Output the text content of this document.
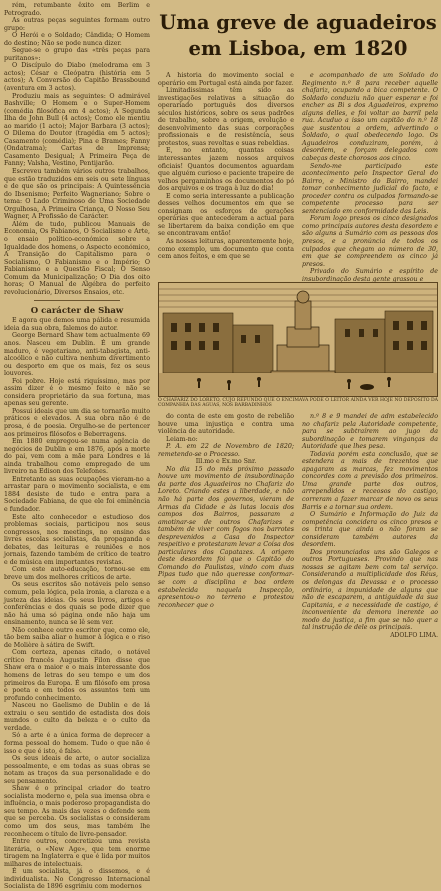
rém, retumbante êxito em Berlim e Petrogrado.

As outras peças seguintes formam outro grupo:

O Herói e o Soldado; Cândida; O Homem do destino; Não se pode nunca dizer.

Segue-se o grupo das «três peças para puritanos»:

O Discípulo do Diabo (melodrama em 3 actos); César e Cleópatra (história em 5 actos); A Conversão do Capitão Brassbound (aventura em 3 actos).

Produziu mais as seguintes: O admirável Bashville; O Homem e o Super-Homem (comédia filosófica em 4 actos); A Segunda Ilha de John Bull (4 actos); Como ele mentiu ao marido (1 acto); Major Barbara (3 actos); O Dilema do Doutor (tragédia em 5 actos); Casamento (comédia); Pina e Brames; Fanny (Ondatrama); Cartas de Imprensa; Casamento Desigual; A Primeira Peça de Fanny; Valsha, Vestino, Pentijarão.

Escreveu também vários outros trabalhos, que estão traduzidos em seis ou sete línguas e de que são os principais: A Quintessência do Ibsenismo; Perfeito Wagneriano; Sobre o tema: O Lado Criminoso de Uma Sociedade Orgulhosa, A Primeira Criança, O Nosso Seu Wagner, A Profissão de Carácter.

Além de tudo, publicou Manuais de Economia, Os Fabianos, O Socialismo e Arte, o ensaio político-económico sobre a Igualdade dos homens, o Aspecto económico, A Transição do Capitalismo para o Socialismo, O Fabianismo e o Império; O Fabianismo e a Questão Fiscal; O Senso Comum da Municipalização; O Dia dos oito horas; O Manual de Algébra do perfeito revolucionário, Diversos Ensaios, etc.

O carácter de Shaw

E agora que demos uma pálida e resumida ideia da sua obra, falemos do autor.

George Bernard Shaw tem actualmente 69 anos. Nasceu em Dublin. É um grande maduro, é vegetariano, anti-tabagista, anti-alcoólico e não cultiva nenhum divertimento ou desporto em que os mais, fez os seus louvores.

Foi pobre. Hoje está riquíssimo, mas por assim dizer é o mesmo feito e não se considera proprietário da sua fortuna, mas apenas seu gerente.

Possui ideais que um dia se tornarão muito práticos e elevados. A sua obra não é de prosa, é de poesia. Orgulho-se de pertencer aos primeiros filósofos e Beberragens.

Em 1880 empregou-se numa agência de negócios de Dublin e em 1876, após a morte do pai, vem com a mãe para Londres e lá ainda trabalhou como empregado de um livreiro na Edison dos Telefones.

Entretanto as suas ocupações vieram-no a arrastar para o movimento socialista, e em 1884 desiste de tudo e entra para a Sociedade Fabiana, de que ele foi eminência e fundador.

Este alto conhecedor e estudioso dos problemas sociais, participou nos seus congressos, nos meetings, no ensino das livres escolas socialistas, da propaganda e debates, das leituras e reuniões e nos jornais, fazendo também de crítico de teatro e de música em importantes revistas.

Com este auto-educação, tornou-se em breve um dos melhores críticos de arte.

Os seus escritos são notáveis pelo senso comum, pela lógica, pela ironia, a clareza e a justeza das ideias. Os seus livros, artigos e conferências e dos quais se pode dizer que não há uma só página onde não haja um ensinamento, nunca se lê sem ver.

Não conhece outro escritor que, como ele, tão bem saiba aliar o humor à lógica e o riso de Molière à sátira de Swift.

Com certeza, apenas citado, o notável crítico francês Augustin Filon disse que Shaw era o maior e o mais interessante dos homens de letras do seu tempo e um dos primeiros da Europa. É um filósofo em prosa e poeta e em todos os assuntos tem um profundo conhecimento.

Nasceu no Gaelismo de Dublin e de lá extraiu o seu sentido de estadista dos dois mundos o culto da beleza e o culto da verdade.

Só a arte é a única forma de deprecer a forma pessoal do homem. Tudo o que não é isso e que é isto, é falso.

Os seus ideais de arte, o autor socializa pessoalmente, e em todas as suas obras se notam as traços da sua personalidade e do seu pensamento.

Shaw é o principal criador do teatro socialista moderno e, pela sua imensa obra e influência, o mais poderoso propagandista do seu tempo. As mais das vezes o defende sem que se perceba. Os socialistas o consideram como um dos seus, mas também lhe reconhecem o título de livre-pensador.

Entre outros, concretizou uma revista literária, o «New Age», que tem enorme tiragem na Inglaterra e que é lida por muitos milhares de intelectuais.

É um socialista, já o dissemos, e é individualista. No Congresso Internacional Socialista de 1896 esgrimiu com modernos

Uma greve de aguadeiros
em Lisboa, em 1820

A historia do movimento social e operário em Portugal está ainda por fazer.

Limitadissimas têm sido as investigações relativas a situação do operariado português dos diversos séculos históricos, sobre os seus padrões de trabalho, sobre a origem, evolução e desenvolvimento das suas corporações profissionais e de resistência, seus protestos, suas revoltas e suas rebeldias.

E, no entanto, quantas coisas interessantes jazem nossos arquivos oficiais! Quantos documentos aguardam que alguém curioso e paciente trapeire de velhos pergaminhos os documentos do pó dos arquivos e os traga à luz do dia!

E como seria interessante a publicação desses velhos documentos em que se consignam os esforços de gerações operárias que antecederam a actual para se libertarem da baixa condição em que se encontravam então!

As nossas leituras, aparentemente hoje, como exemplo, um documento que conta cem anos feitos, e em que se

e acompanhado de um Soldado do Regimento n.º 8 para receber aquelle chafariz, ocupando a bica competente. O Soldado conduziu não quer esperar e foi encher as Bi s dos Aguadeiros, expremo alguns delles, e foi voltar ao barril pela rua. Acuduo a isso um capitão do n.º 18 que sustentou a ordem, advertindo o Soldado, o qual obedecendo logo. Os Aguadeiros conduziram, porém, à desordem, e forçam delegados com cabeças deste chorosos aos cinco.

Sendo-me participado este acontecimento pelo Inspector Geral do Bairro, e Ministro do Bairro, mandei tomar conhecimento judicial do facto, e proceder contra os culpados formando-se competente processo para ser sentenciado em conformidade das Leis.

Foram logo presos os cinco designados como principais autores desta desordem e são alguns a Sumário com as pessoas dos presos, e a pronúncia de todos os culpados que chegam ao número de 30, em que se compreendem os cinco já presos.

Privado do Sumário e espírito de insubordinação desta gente grassou e

O CHAFARIZ DO LORETO, CUJO REFUNDO QUE O ENCIMAVA PODE O LEITOR AINDA VER HOJE NO DEPOSITO DA COMPANHIA DAS AGUAS, NOS BARBADINHOS

do conta de este em gosto de rebelião houve uma injustiça e contra uma violência de autoridade.

Leiam-no:

P. A. em 22 de Novembro de 1820; remetendo-se o Processo.

Ill.mo e Ex.mo Snr.

No dia 15 do mês próximo passado houve um movimento de insubordinação da parte dos Aguadeiros no Chafariz do Loreto. Criando estes a liberdade, e não não há parte dos governos, vieram de Armas da Cidade e às lutas locais dos campos dos Bairros, passaram a amotinar-se de outros Chafarizes e também de viver com fogos nos barrotes desprevenidos a Casa do Inspector respeitivo e protestaram levar a Coisa dos particulares dos Capatazes. A origem deste desordem foi que o Capitão do Comando do Paulistas, vindo com duas Pipas tudo que não queresse conformar-se com a disciplina e boa ordem estabelecida naquela Inspecção, apresentou-o no terreno e protestou reconhecer que o

n.º 8 e 9 mandei de adm estabelecido no chafariz pela Autoridade competente, para se subtraírem ao jugo da subordinação e tomarem vinganças da Autoridade que lhes pesa.

Todavia porém esta conclusão, que se estendera a mais de trezentos que apagaram as marcas, fez movimentos concordes com a previsão dos primeiros. Uma grande parte dos outros, arrependidos e receosos do castigo, correram a fazer marcar de novo os seus Barris e a tornar sua ordem.

O Sumário e Informação do Juiz da competência concidera os cinco presos e os trinta que ainda o não foram se consideram também autores da desordem.

Dos pronunciados uns são Galegos e outros Portugueses. Provindo que nas nossas se agitam bem com tal serviço. Considerando a multiplicidade dos Réus, os delongas da Devassa e o processo ordinário, a impunidade de alguns que não de escaparem, a antiguidade da sua Capitania, e a necessidade de castigo, é inconveniente da demora inerente ao modo da justiça, a fim que se não quer a tal instrução de dele os principais.

ADOLFO LIMA.
